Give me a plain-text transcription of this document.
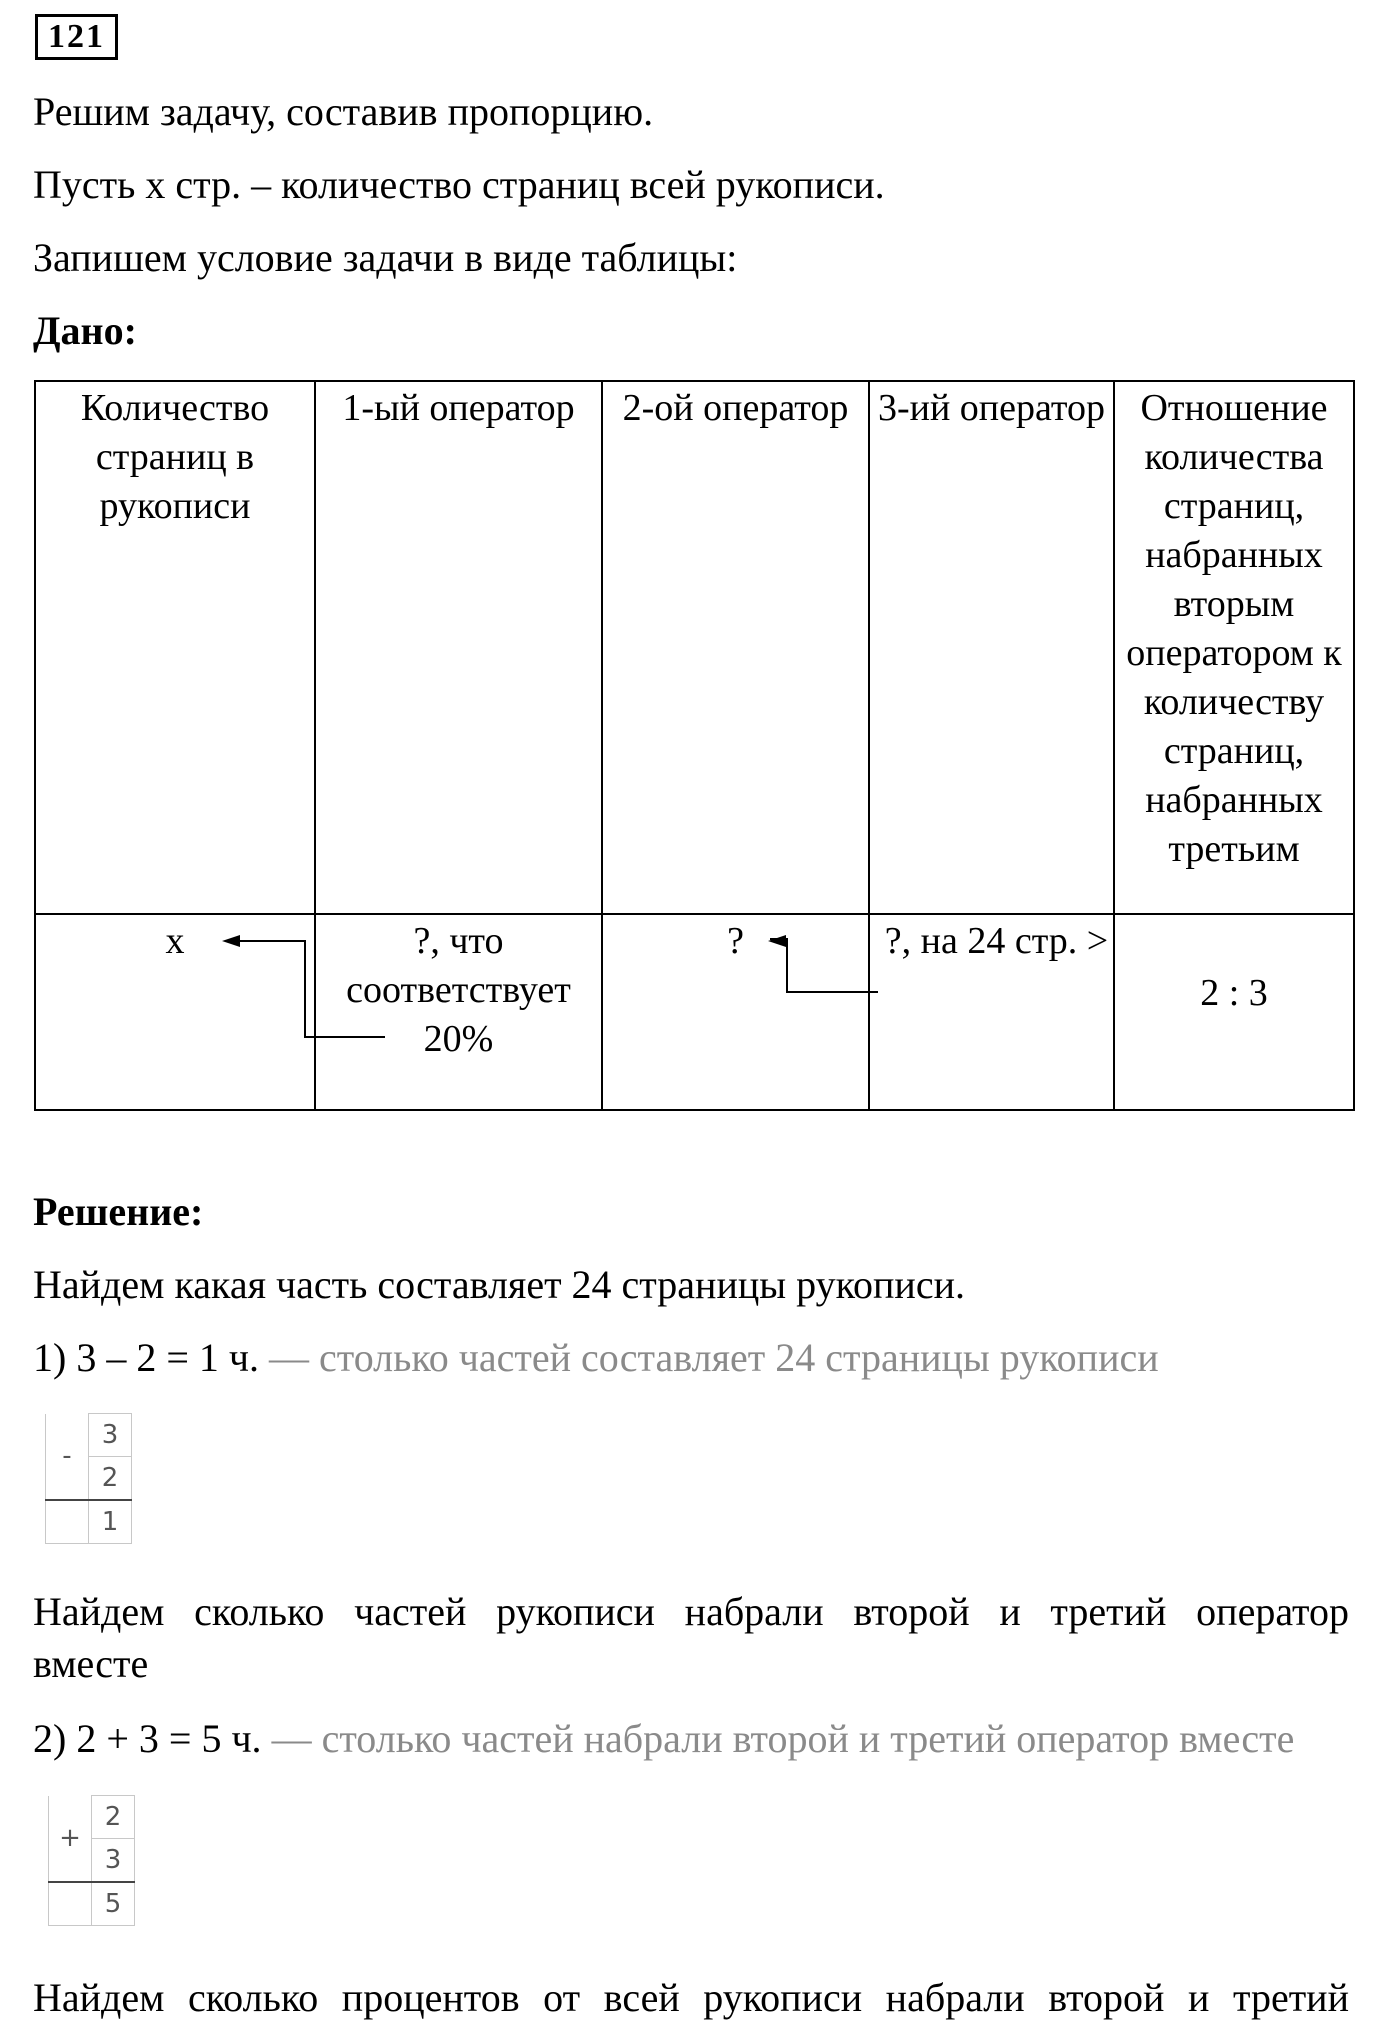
121
Решим задачу, составив пропорцию.
Пусть х стр. – количество страниц всей рукописи.
Запишем условие задачи в виде таблицы:
Дано:
Количество страниц в рукописи	1-ый оператор	2-ой оператор	3-ий оператор	Отношение количества страниц, набранных вторым оператором к количеству страниц, набранных третьим
х	?, что соответствует 20%	?	?, на 24 стр. >	2 : 3
Решение:
Найдем какая часть составляет 24 страницы рукописи.
1) 3 – 2 = 1 ч. — столько частей составляет 24 страницы рукописи
-	3
	2
	1
Найдем сколько частей рукописи набрали второй и третий оператор
вместе
2) 2 + 3 = 5 ч. — столько частей набрали второй и третий оператор вместе
+	2
	3
	5
Найдем сколько процентов от всей рукописи набрали второй и третий
